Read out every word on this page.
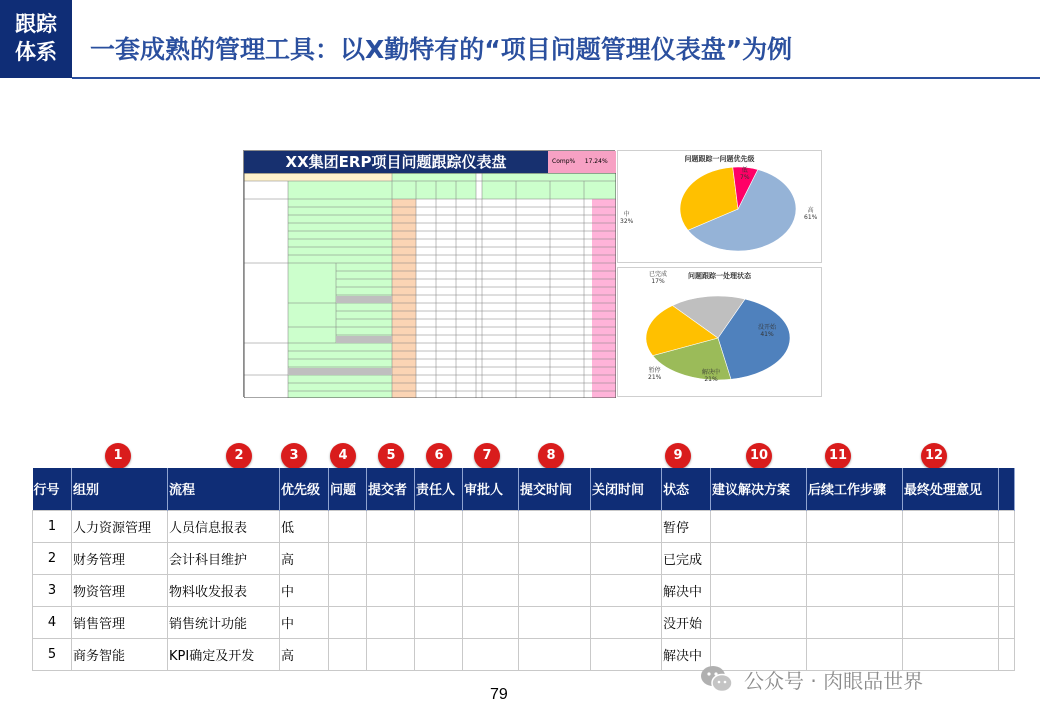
跟踪
体系	一套成熟的管理工具：以X勤特有的“项目问题管理仪表盘”为例
XX集团ERP项目问题跟踪仪表盘	Comp% 17.24%	问题跟踪一问题优先级
低
7%
高
61%
中
32%
问题跟踪一处理状态
没开始
41%
解决中
21%
暂停
21%
已完成
17%
1	2	3	4	5	6	7	8	9	10	11	12
行号	组别	流程	优先级	问题	提交者	责任人	审批人	提交时间	关闭时间	状态	建议解决方案	后续工作步骤	最终处理意见	
1	人力资源管理	人员信息报表	低							暂停				
2	财务管理	会计科目维护	高							已完成				
3	物资管理	物料收发报表	中							解决中				
4	销售管理	销售统计功能	中							没开始				
5	商务智能	KPI确定及开发	高							解决中				
79
公众号 · 肉眼品世界
